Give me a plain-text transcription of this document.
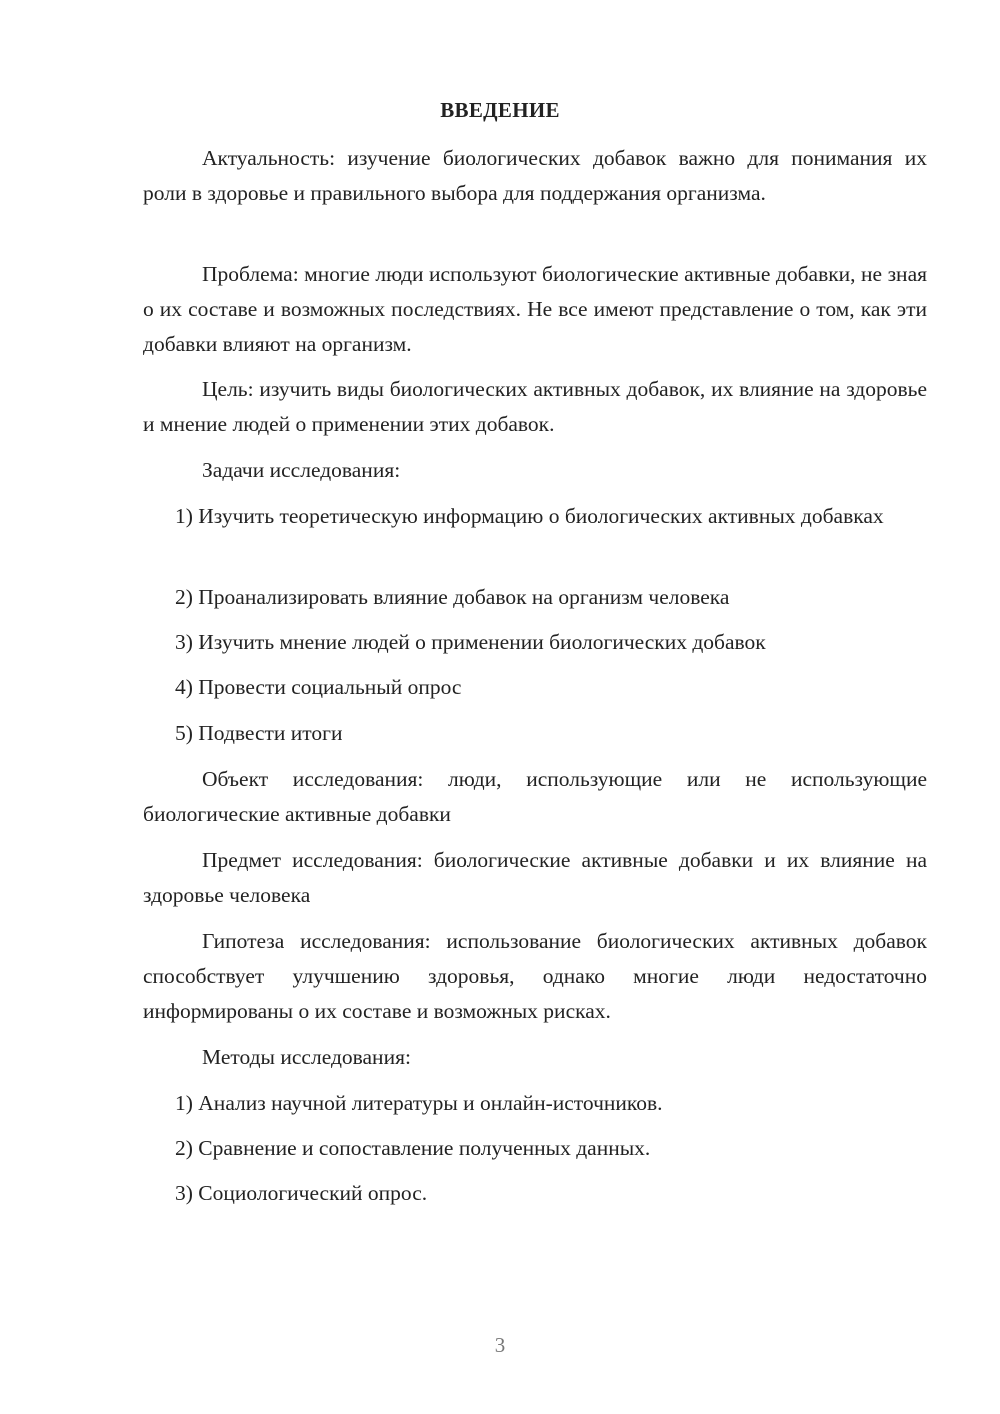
ВВЕДЕНИЕ

Актуальность: изучение биологических добавок важно для понимания их роли в здоровье и правильного выбора для поддержания организма.

Проблема: многие люди используют биологические активные добавки, не зная о их составе и возможных последствиях. Не все имеют представление о том, как эти добавки влияют на организм.

Цель: изучить виды биологических активных добавок, их влияние на здоровье и мнение людей о применении этих добавок.

Задачи исследования:

1) Изучить теоретическую информацию о биологических активных добавках

2) Проанализировать влияние добавок на организм человека

3) Изучить мнение людей о применении биологических добавок

4) Провести социальный опрос

5) Подвести итоги

Объект исследования: люди, использующие или не использующие биологические активные добавки

Предмет исследования: биологические активные добавки и их влияние на здоровье человека

Гипотеза исследования: использование биологических активных добавок способствует улучшению здоровья, однако многие люди недостаточно информированы о их составе и возможных рисках.

Методы исследования:

1) Анализ научной литературы и онлайн-источников.

2) Сравнение и сопоставление полученных данных.

3) Социологический опрос.

3
